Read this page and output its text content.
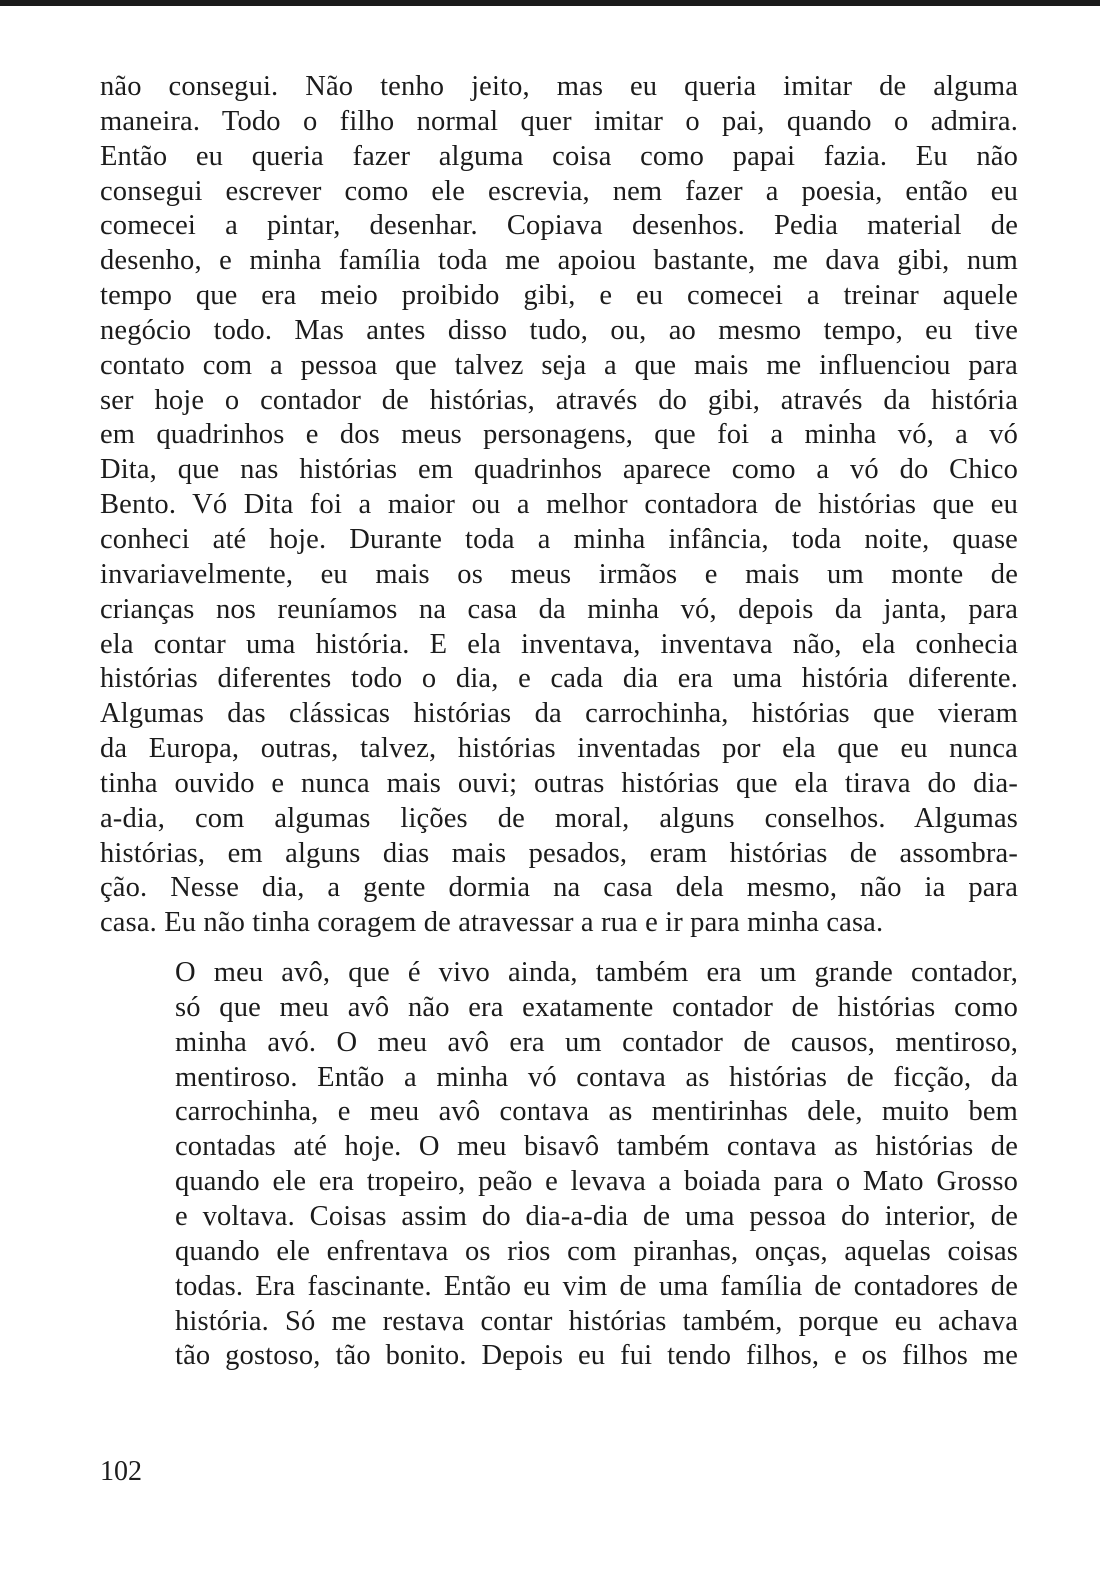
não consegui. Não tenho jeito, mas eu queria imitar de alguma
maneira. Todo o filho normal quer imitar o pai, quando o admira.
Então eu queria fazer alguma coisa como papai fazia. Eu não
consegui escrever como ele escrevia, nem fazer a poesia, então eu
comecei a pintar, desenhar. Copiava desenhos. Pedia material de
desenho, e minha família toda me apoiou bastante, me dava gibi, num
tempo que era meio proibido gibi, e eu comecei a treinar aquele
negócio todo. Mas antes disso tudo, ou, ao mesmo tempo, eu tive
contato com a pessoa que talvez seja a que mais me influenciou para
ser hoje o contador de histórias, através do gibi, através da história
em quadrinhos e dos meus personagens, que foi a minha vó, a vó
Dita, que nas histórias em quadrinhos aparece como a vó do Chico
Bento. Vó Dita foi a maior ou a melhor contadora de histórias que eu
conheci até hoje. Durante toda a minha infância, toda noite, quase
invariavelmente, eu mais os meus irmãos e mais um monte de
crianças nos reuníamos na casa da minha vó, depois da janta, para
ela contar uma história. E ela inventava, inventava não, ela conhecia
histórias diferentes todo o dia, e cada dia era uma história diferente.
Algumas das clássicas histórias da carrochinha, histórias que vieram
da Europa, outras, talvez, histórias inventadas por ela que eu nunca
tinha ouvido e nunca mais ouvi; outras histórias que ela tirava do dia-
a-dia, com algumas lições de moral, alguns conselhos. Algumas
histórias, em alguns dias mais pesados, eram histórias de assombra-
ção. Nesse dia, a gente dormia na casa dela mesmo, não ia para
casa. Eu não tinha coragem de atravessar a rua e ir para minha casa.

O meu avô, que é vivo ainda, também era um grande contador,
só que meu avô não era exatamente contador de histórias como
minha avó. O meu avô era um contador de causos, mentiroso,
mentiroso. Então a minha vó contava as histórias de ficção, da
carrochinha, e meu avô contava as mentirinhas dele, muito bem
contadas até hoje. O meu bisavô também contava as histórias de
quando ele era tropeiro, peão e levava a boiada para o Mato Grosso
e voltava. Coisas assim do dia-a-dia de uma pessoa do interior, de
quando ele enfrentava os rios com piranhas, onças, aquelas coisas
todas. Era fascinante. Então eu vim de uma família de contadores de
história. Só me restava contar histórias também, porque eu achava
tão gostoso, tão bonito. Depois eu fui tendo filhos, e os filhos me

102
